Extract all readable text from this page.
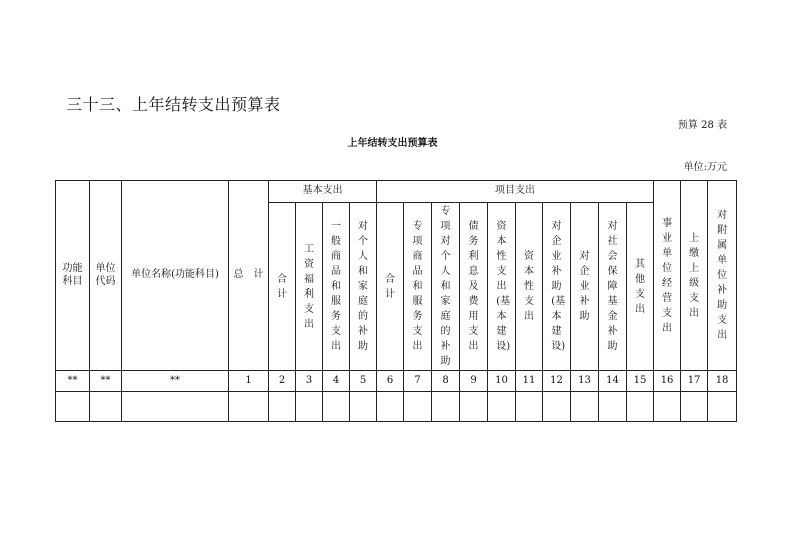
三十三、上年结转支出预算表
预算 28 表
上年结转支出预算表
单位:万元
功能科目	单位代码	单位名称(功能科目)	总　计	基本支出				项目支出										事业单位经营支出	上缴上级支出	对附属单位补助支出
				合计	工资福利支出	一般商品和服务支出	对个人和家庭的补助	合计	专项商品和服务支出	专项对个人和家庭的补助	债务利息及费用支出	资本性支出(基本建设)	资本性支出	对企业补助(基本建设)	对企业补助	对社会保障基金补助	其他支出			
**	**	**	1	2	3	4	5	6	7	8	9	10	11	12	13	14	15	16	17	18
